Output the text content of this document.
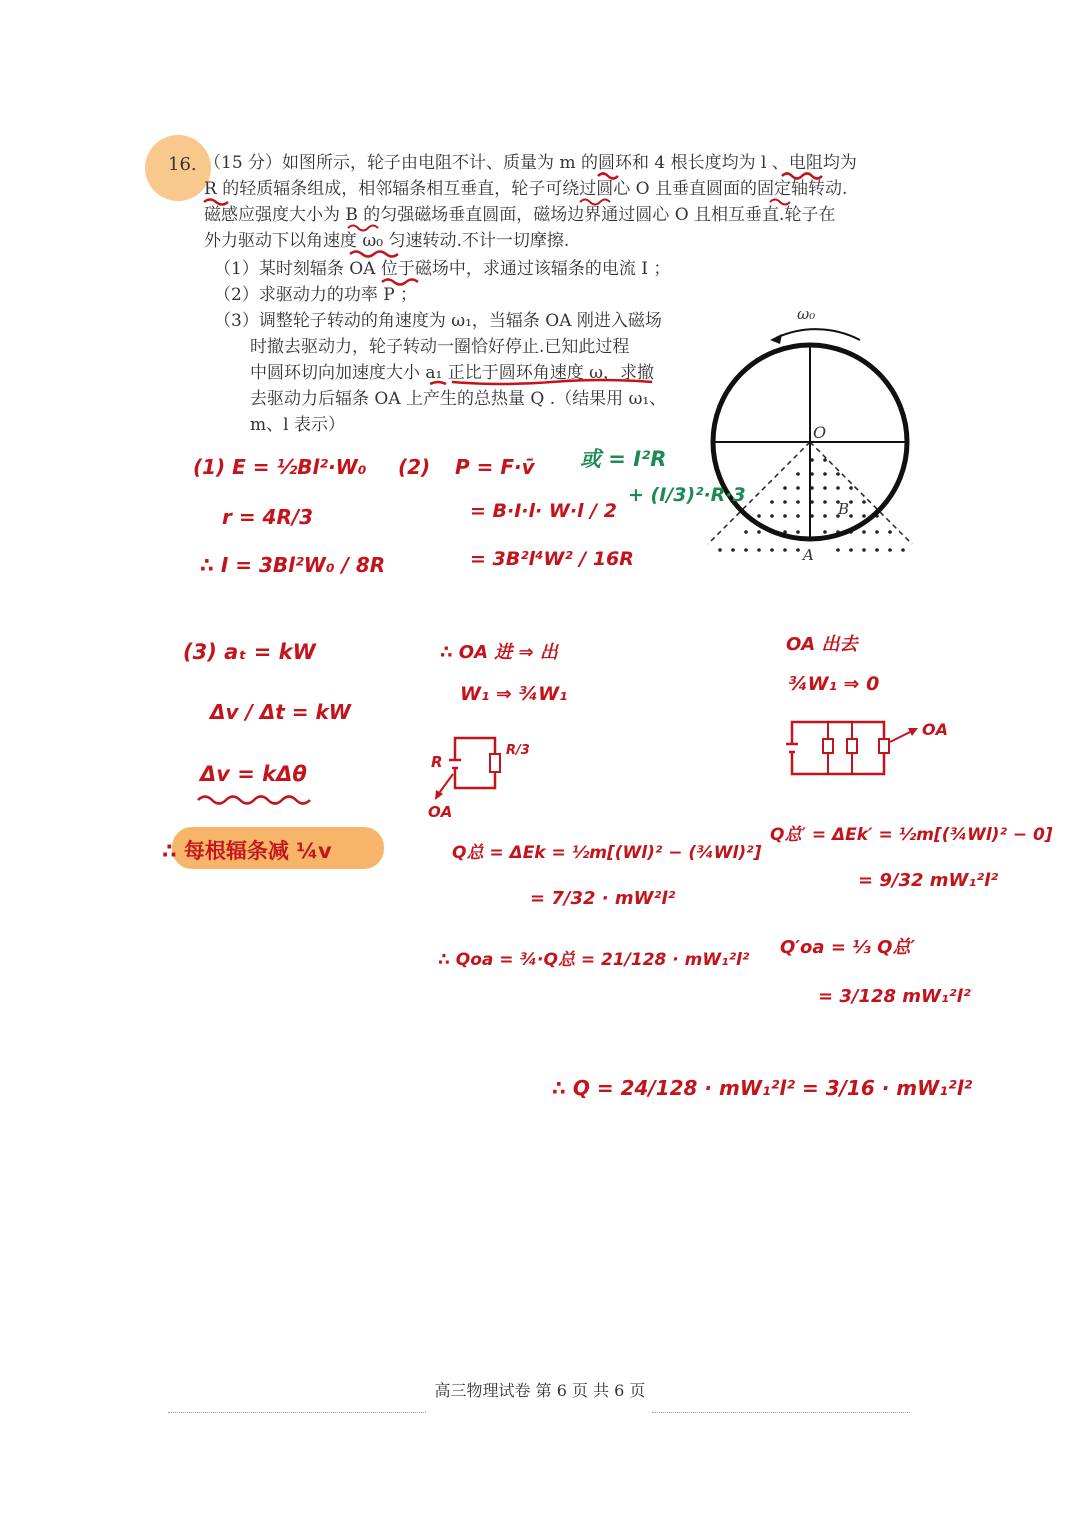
16. （15 分）如图所示，轮子由电阻不计、质量为 m 的圆环和 4 根长度均为 l 、电阻均为
R 的轻质辐条组成，相邻辐条相互垂直，轮子可绕过圆心 O 且垂直圆面的固定轴转动.
磁感应强度大小为 B 的匀强磁场垂直圆面，磁场边界通过圆心 O 且相互垂直.轮子在
外力驱动下以角速度 ω₀ 匀速转动.不计一切摩擦.
（1）某时刻辐条 OA 位于磁场中，求通过该辐条的电流 I ；
（2）求驱动力的功率 P ；
（3）调整轮子转动的角速度为 ω₁，当辐条 OA 刚进入磁场
时撤去驱动力，轮子转动一圈恰好停止.已知此过程
中圆环切向加速度大小 a₁ 正比于圆环角速度 ω，求撤
去驱动力后辐条 OA 上产生的总热量 Q .（结果用 ω₁、
m、l 表示）
ω₀
O
A
B
(1) E = ½Bl²·W₀
r = 4R/3
∴ I = 3Bl²W₀ / 8R
(2) P = F·v̄
= B·I·l· W·l / 2
= 3B²l⁴W² / 16R
或 = I²R
+ (I/3)²·R·3
(3) aₜ = kW
Δv / Δt = kW
Δv = kΔθ
∴ 每根辐条减 ¼v
∴ OA 进 ⇒ 出
W₁ ⇒ ¾W₁
R
R/3
OA
Q总 = ΔEk = ½m[(Wl)² − (¾Wl)²]
= 7/32 · mW²l²
∴ Qoa = ¾·Q总 = 21/128 · mW₁²l²
OA 出去
¾W₁ ⇒ 0
OA
Q总′ = ΔEk′ = ½m[(¾Wl)² − 0]
= 9/32 mW₁²l²
Q′oa = ⅓ Q总′
= 3/128 mW₁²l²
∴ Q = 24/128 · mW₁²l² = 3/16 · mW₁²l²
高三物理试卷 第 6 页 共 6 页
